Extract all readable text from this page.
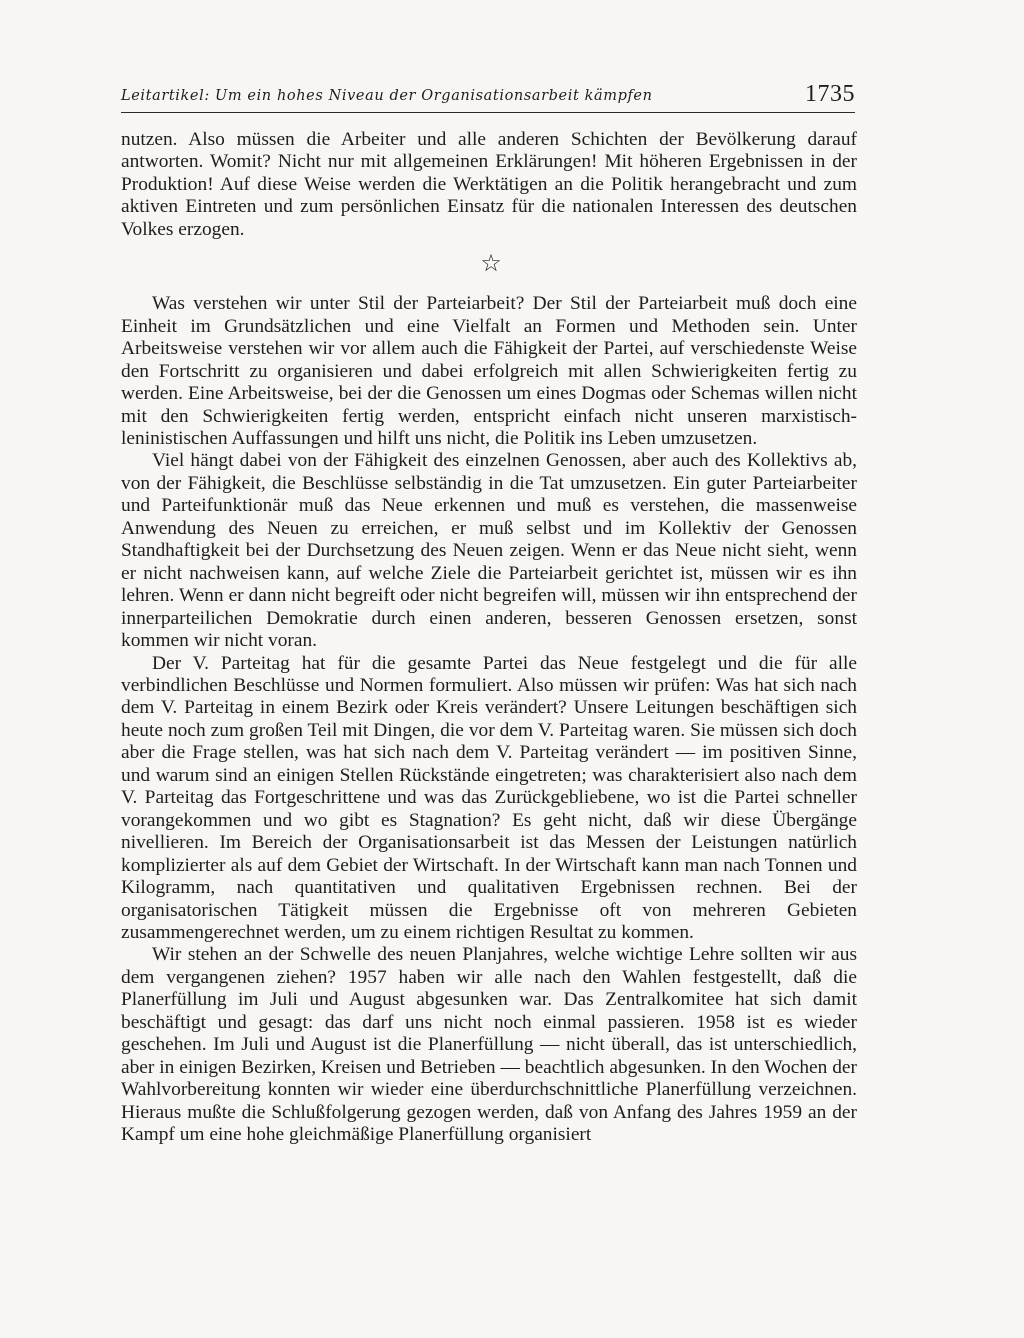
Leitartikel: Um ein hohes Niveau der Organisationsarbeit kämpfen	1735

nutzen. Also müssen die Arbeiter und alle anderen Schichten der Bevölkerung darauf antworten. Womit? Nicht nur mit allgemeinen Erklärungen! Mit höheren Ergebnissen in der Produktion! Auf diese Weise werden die Werktätigen an die Politik herangebracht und zum aktiven Eintreten und zum persönlichen Einsatz für die nationalen Interessen des deutschen Volkes erzogen.

☆

Was verstehen wir unter Stil der Parteiarbeit? Der Stil der Parteiarbeit muß doch eine Einheit im Grundsätzlichen und eine Vielfalt an Formen und Methoden sein. Unter Arbeitsweise verstehen wir vor allem auch die Fähigkeit der Partei, auf verschiedenste Weise den Fortschritt zu organisieren und dabei erfolgreich mit allen Schwierigkeiten fertig zu werden. Eine Arbeitsweise, bei der die Genossen um eines Dogmas oder Schemas willen nicht mit den Schwierigkeiten fertig werden, entspricht einfach nicht unseren marxistisch-leninistischen Auffassungen und hilft uns nicht, die Politik ins Leben umzusetzen.

Viel hängt dabei von der Fähigkeit des einzelnen Genossen, aber auch des Kollektivs ab, von der Fähigkeit, die Beschlüsse selbständig in die Tat umzusetzen. Ein guter Parteiarbeiter und Parteifunktionär muß das Neue erkennen und muß es verstehen, die massenweise Anwendung des Neuen zu erreichen, er muß selbst und im Kollektiv der Genossen Standhaftigkeit bei der Durchsetzung des Neuen zeigen. Wenn er das Neue nicht sieht, wenn er nicht nachweisen kann, auf welche Ziele die Parteiarbeit gerichtet ist, müssen wir es ihn lehren. Wenn er dann nicht begreift oder nicht begreifen will, müssen wir ihn entsprechend der innerparteilichen Demokratie durch einen anderen, besseren Genossen ersetzen, sonst kommen wir nicht voran.

Der V. Parteitag hat für die gesamte Partei das Neue festgelegt und die für alle verbindlichen Beschlüsse und Normen formuliert. Also müssen wir prüfen: Was hat sich nach dem V. Parteitag in einem Bezirk oder Kreis verändert? Unsere Leitungen beschäftigen sich heute noch zum großen Teil mit Dingen, die vor dem V. Parteitag waren. Sie müssen sich doch aber die Frage stellen, was hat sich nach dem V. Parteitag verändert — im positiven Sinne, und warum sind an einigen Stellen Rückstände eingetreten; was charakterisiert also nach dem V. Parteitag das Fortgeschrittene und was das Zurückgebliebene, wo ist die Partei schneller vorangekommen und wo gibt es Stagnation? Es geht nicht, daß wir diese Übergänge nivellieren. Im Bereich der Organisationsarbeit ist das Messen der Leistungen natürlich komplizierter als auf dem Gebiet der Wirtschaft. In der Wirtschaft kann man nach Tonnen und Kilogramm, nach quantitativen und qualitativen Ergebnissen rechnen. Bei der organisatorischen Tätigkeit müssen die Ergebnisse oft von mehreren Gebieten zusammengerechnet werden, um zu einem richtigen Resultat zu kommen.

Wir stehen an der Schwelle des neuen Planjahres, welche wichtige Lehre sollten wir aus dem vergangenen ziehen? 1957 haben wir alle nach den Wahlen festgestellt, daß die Planerfüllung im Juli und August abgesunken war. Das Zentralkomitee hat sich damit beschäftigt und gesagt: das darf uns nicht noch einmal passieren. 1958 ist es wieder geschehen. Im Juli und August ist die Planerfüllung — nicht überall, das ist unterschiedlich, aber in einigen Bezirken, Kreisen und Betrieben — beachtlich abgesunken. In den Wochen der Wahlvorbereitung konnten wir wieder eine überdurchschnittliche Planerfüllung verzeichnen. Hieraus mußte die Schlußfolgerung gezogen werden, daß von Anfang des Jahres 1959 an der Kampf um eine hohe gleichmäßige Planerfüllung organisiert
